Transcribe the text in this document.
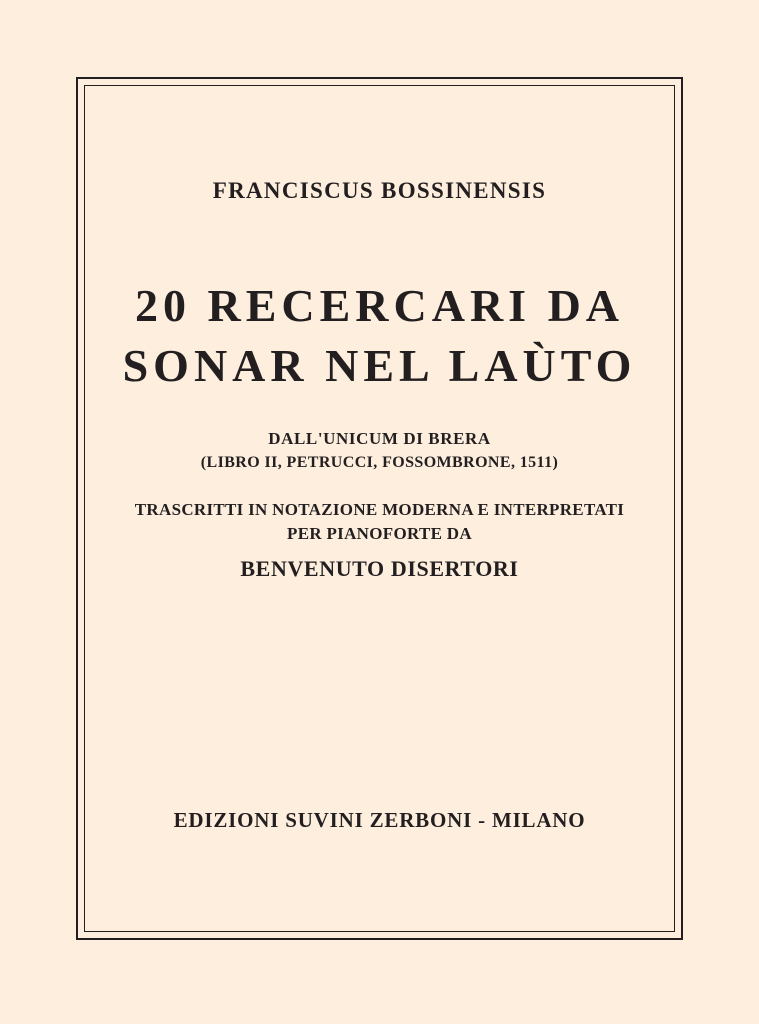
FRANCISCUS BOSSINENSIS
20 RECERCARI DA
SONAR NEL LAÙTO
DALL'UNICUM DI BRERA
(LIBRO II, PETRUCCI, FOSSOMBRONE, 1511)
TRASCRITTI IN NOTAZIONE MODERNA E INTERPRETATI
PER PIANOFORTE DA
BENVENUTO DISERTORI
EDIZIONI SUVINI ZERBONI - MILANO
